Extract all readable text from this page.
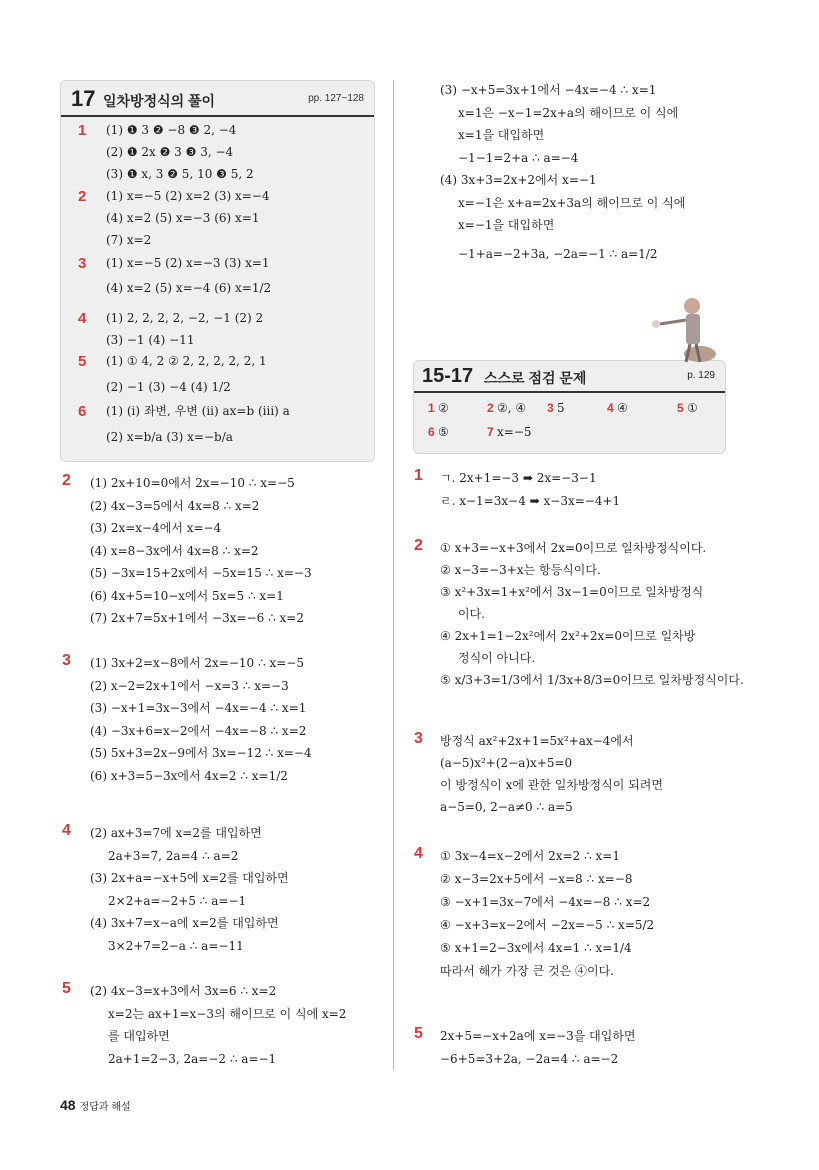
17 일차방정식의 풀이	pp. 127~128
15-17 스스로 점검 문제	p. 129
48 정답과 해설
1 (1) ❶ 3 ❷ −8 ❸ 2, −4
(2) ❶ 2x ❷ 3 ❸ 3, −4
(3) ❶ x, 3 ❷ 5, 10 ❸ 5, 2
2 (1) x=−5 (2) x=2 (3) x=−4
(4) x=2 (5) x=−3 (6) x=1
(7) x=2
3 (1) x=−5 (2) x=−3 (3) x=1
(4) x=2 (5) x=−4 (6) x=1/2
4 (1) 2, 2, 2, 2, −2, −1 (2) 2
(3) −1 (4) −11
5 (1) ① 4, 2 ② 2, 2, 2, 2, 2, 1
(2) −1 (3) −4 (4) 1/2
6 (1) (i) 좌변, 우변 (ii) ax=b (iii) a
(2) x=b/a (3) x=−b/a
2 (1) 2x+10=0에서 2x=−10 ∴ x=−5
(2) 4x−3=5에서 4x=8 ∴ x=2
(3) 2x=x−4에서 x=−4
(4) x=8−3x에서 4x=8 ∴ x=2
(5) −3x=15+2x에서 −5x=15 ∴ x=−3
(6) 4x+5=10−x에서 5x=5 ∴ x=1
(7) 2x+7=5x+1에서 −3x=−6 ∴ x=2
3 (1) 3x+2=x−8에서 2x=−10 ∴ x=−5
(2) x−2=2x+1에서 −x=3 ∴ x=−3
(3) −x+1=3x−3에서 −4x=−4 ∴ x=1
(4) −3x+6=x−2에서 −4x=−8 ∴ x=2
(5) 5x+3=2x−9에서 3x=−12 ∴ x=−4
(6) x+3=5−3x에서 4x=2 ∴ x=1/2
4 (2) ax+3=7에 x=2를 대입하면
2a+3=7, 2a=4 ∴ a=2
(3) 2x+a=−x+5에 x=2를 대입하면
2×2+a=−2+5 ∴ a=−1
(4) 3x+7=x−a에 x=2를 대입하면
3×2+7=2−a ∴ a=−11
5 (2) 4x−3=x+3에서 3x=6 ∴ x=2
x=2는 ax+1=x−3의 해이므로 이 식에 x=2
를 대입하면
2a+1=2−3, 2a=−2 ∴ a=−1
(3) −x+5=3x+1에서 −4x=−4 ∴ x=1
x=1은 −x−1=2x+a의 해이므로 이 식에
x=1을 대입하면
−1−1=2+a ∴ a=−4
(4) 3x+3=2x+2에서 x=−1
x=−1은 x+a=2x+3a의 해이므로 이 식에
x=−1을 대입하면
−1+a=−2+3a, −2a=−1 ∴ a=1/2
1 ②	2 ②, ④ 3 5	4 ④	5 ①
6 ⑤	7 x=−5
1 ㄱ. 2x+1=−3 ➡ 2x=−3−1
ㄹ. x−1=3x−4 ➡ x−3x=−4+1
2 ① x+3=−x+3에서 2x=0이므로 일차방정식이다.
② x−3=−3+x는 항등식이다.
③ x²+3x=1+x²에서 3x−1=0이므로 일차방정식
이다.
④ 2x+1=1−2x²에서 2x²+2x=0이므로 일차방
정식이 아니다.
⑤ x/3+3=1/3에서 1/3x+8/3=0이므로 일차방정식이다.
3 방정식 ax²+2x+1=5x²+ax−4에서
(a−5)x²+(2−a)x+5=0
이 방정식이 x에 관한 일차방정식이 되려면
a−5=0, 2−a≠0 ∴ a=5
4 ① 3x−4=x−2에서 2x=2 ∴ x=1
② x−3=2x+5에서 −x=8 ∴ x=−8
③ −x+1=3x−7에서 −4x=−8 ∴ x=2
④ −x+3=x−2에서 −2x=−5 ∴ x=5/2
⑤ x+1=2−3x에서 4x=1 ∴ x=1/4
따라서 해가 가장 큰 것은 ④이다.
5 2x+5=−x+2a에 x=−3을 대입하면
−6+5=3+2a, −2a=4 ∴ a=−2
